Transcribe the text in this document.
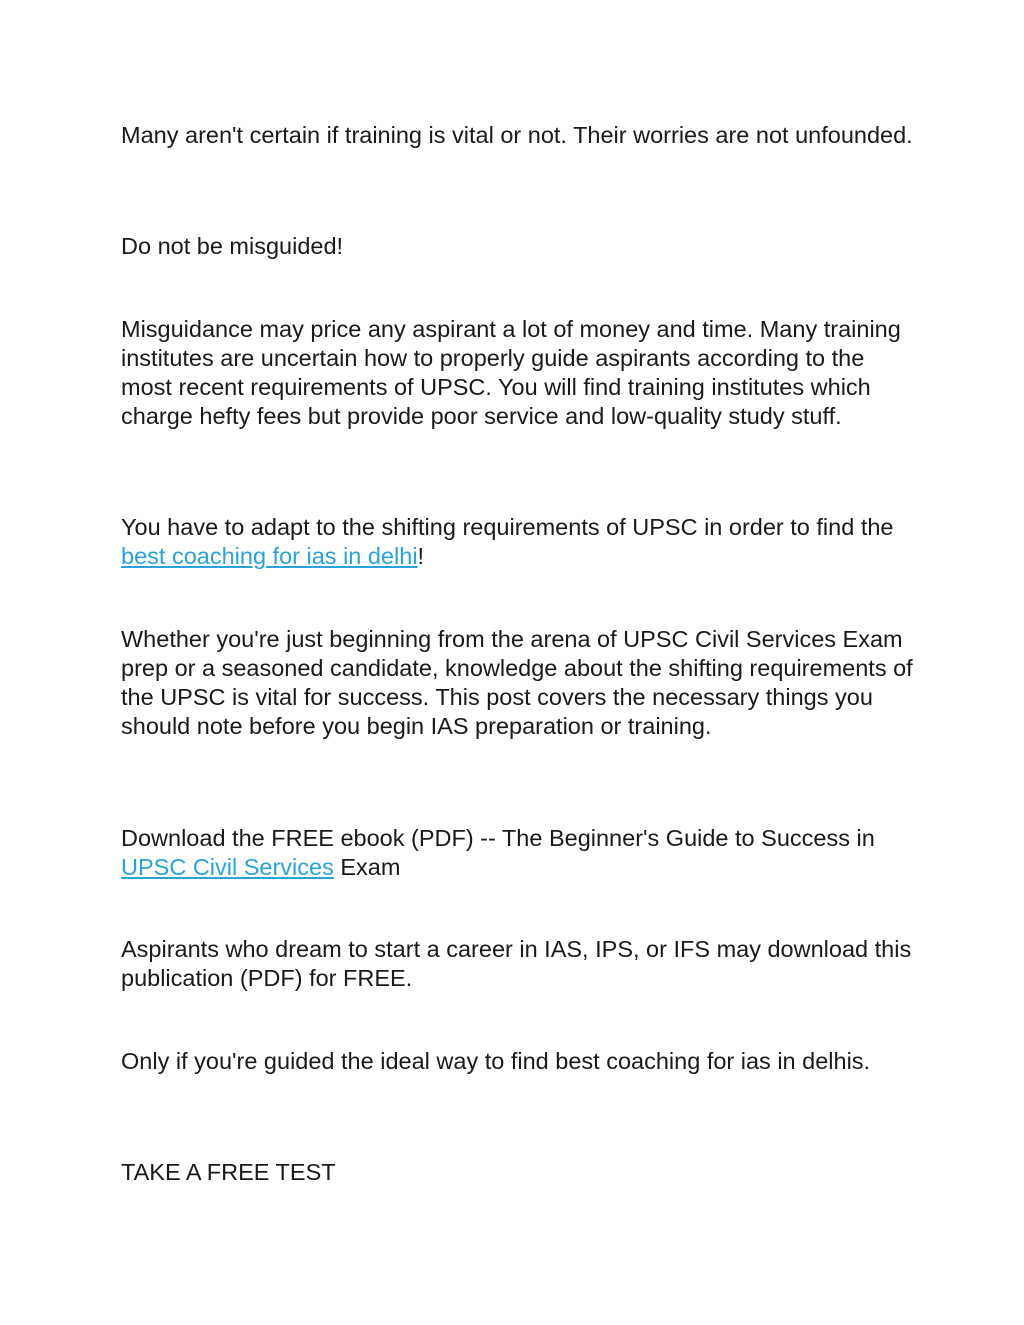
Many aren't certain if training is vital or not. Their worries are not unfounded.

Do not be misguided!

Misguidance may price any aspirant a lot of money and time. Many training institutes are uncertain how to properly guide aspirants according to the most recent requirements of UPSC. You will find training institutes which charge hefty fees but provide poor service and low-quality study stuff.

You have to adapt to the shifting requirements of UPSC in order to find the best coaching for ias in delhi!

Whether you're just beginning from the arena of UPSC Civil Services Exam prep or a seasoned candidate, knowledge about the shifting requirements of the UPSC is vital for success. This post covers the necessary things you should note before you begin IAS preparation or training.

Download the FREE ebook (PDF) -- The Beginner's Guide to Success in UPSC Civil Services Exam

Aspirants who dream to start a career in IAS, IPS, or IFS may download this publication (PDF) for FREE.

Only if you're guided the ideal way to find best coaching for ias in delhis.

TAKE A FREE TEST
